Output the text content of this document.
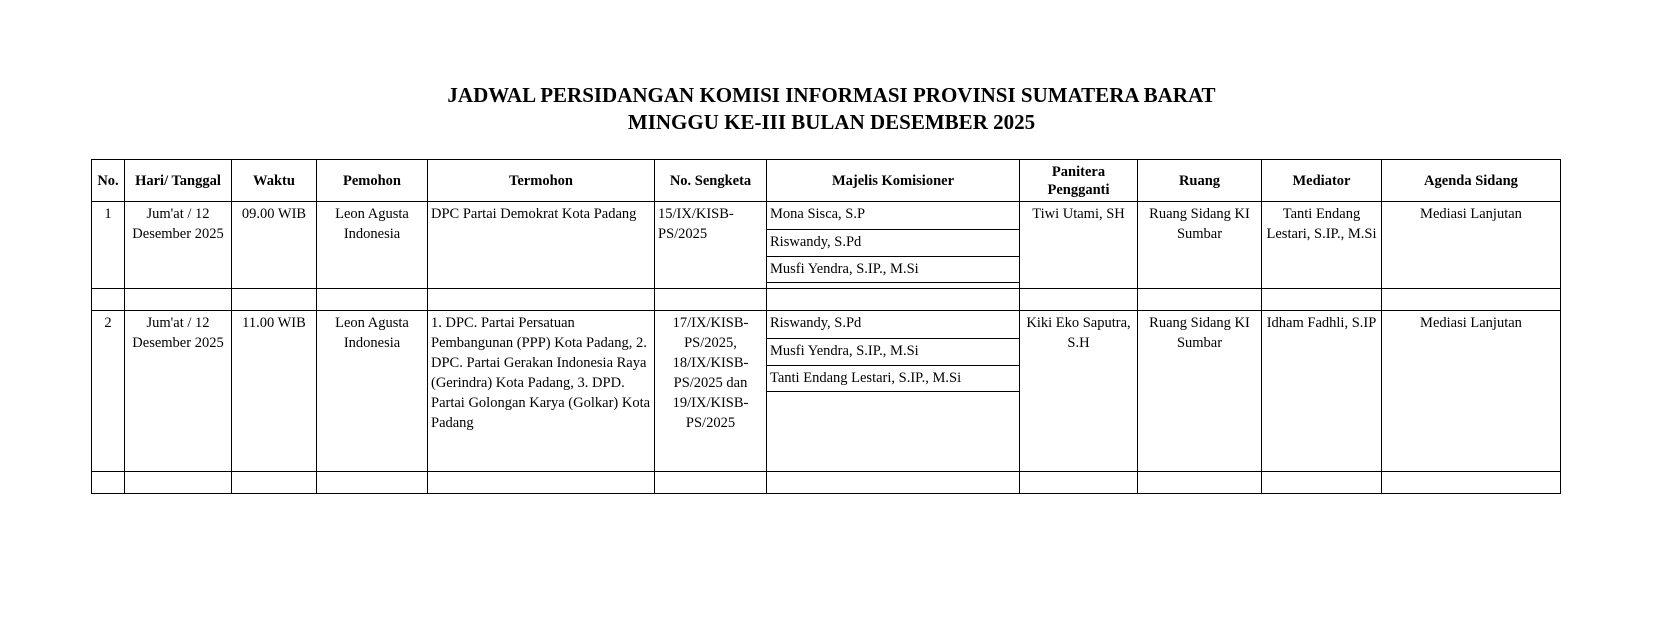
JADWAL PERSIDANGAN KOMISI INFORMASI PROVINSI SUMATERA BARAT
MINGGU KE-III BULAN DESEMBER 2025
No.	Hari/ Tanggal	Waktu	Pemohon	Termohon	No. Sengketa	Majelis Komisioner	Panitera Pengganti	Ruang	Mediator	Agenda Sidang
1	Jum'at / 12 Desember 2025	09.00 WIB	Leon Agusta Indonesia	DPC Partai Demokrat Kota Padang	15/IX/KISB-PS/2025	Mona Sisca, S.P
Riswandy, S.Pd
Musfi Yendra, S.IP., M.Si	Tiwi Utami, SH	Ruang Sidang KI Sumbar	Tanti Endang Lestari, S.IP., M.Si	Mediasi Lanjutan

2	Jum'at / 12 Desember 2025	11.00 WIB	Leon Agusta Indonesia	1. DPC. Partai Persatuan Pembangunan (PPP) Kota Padang, 2. DPC. Partai Gerakan Indonesia Raya (Gerindra) Kota Padang, 3. DPD. Partai Golongan Karya (Golkar) Kota Padang	17/IX/KISB-PS/2025, 18/IX/KISB-PS/2025 dan 19/IX/KISB-PS/2025	Riswandy, S.Pd
Musfi Yendra, S.IP., M.Si
Tanti Endang Lestari, S.IP., M.Si	Kiki Eko Saputra, S.H	Ruang Sidang KI Sumbar	Idham Fadhli, S.IP	Mediasi Lanjutan
